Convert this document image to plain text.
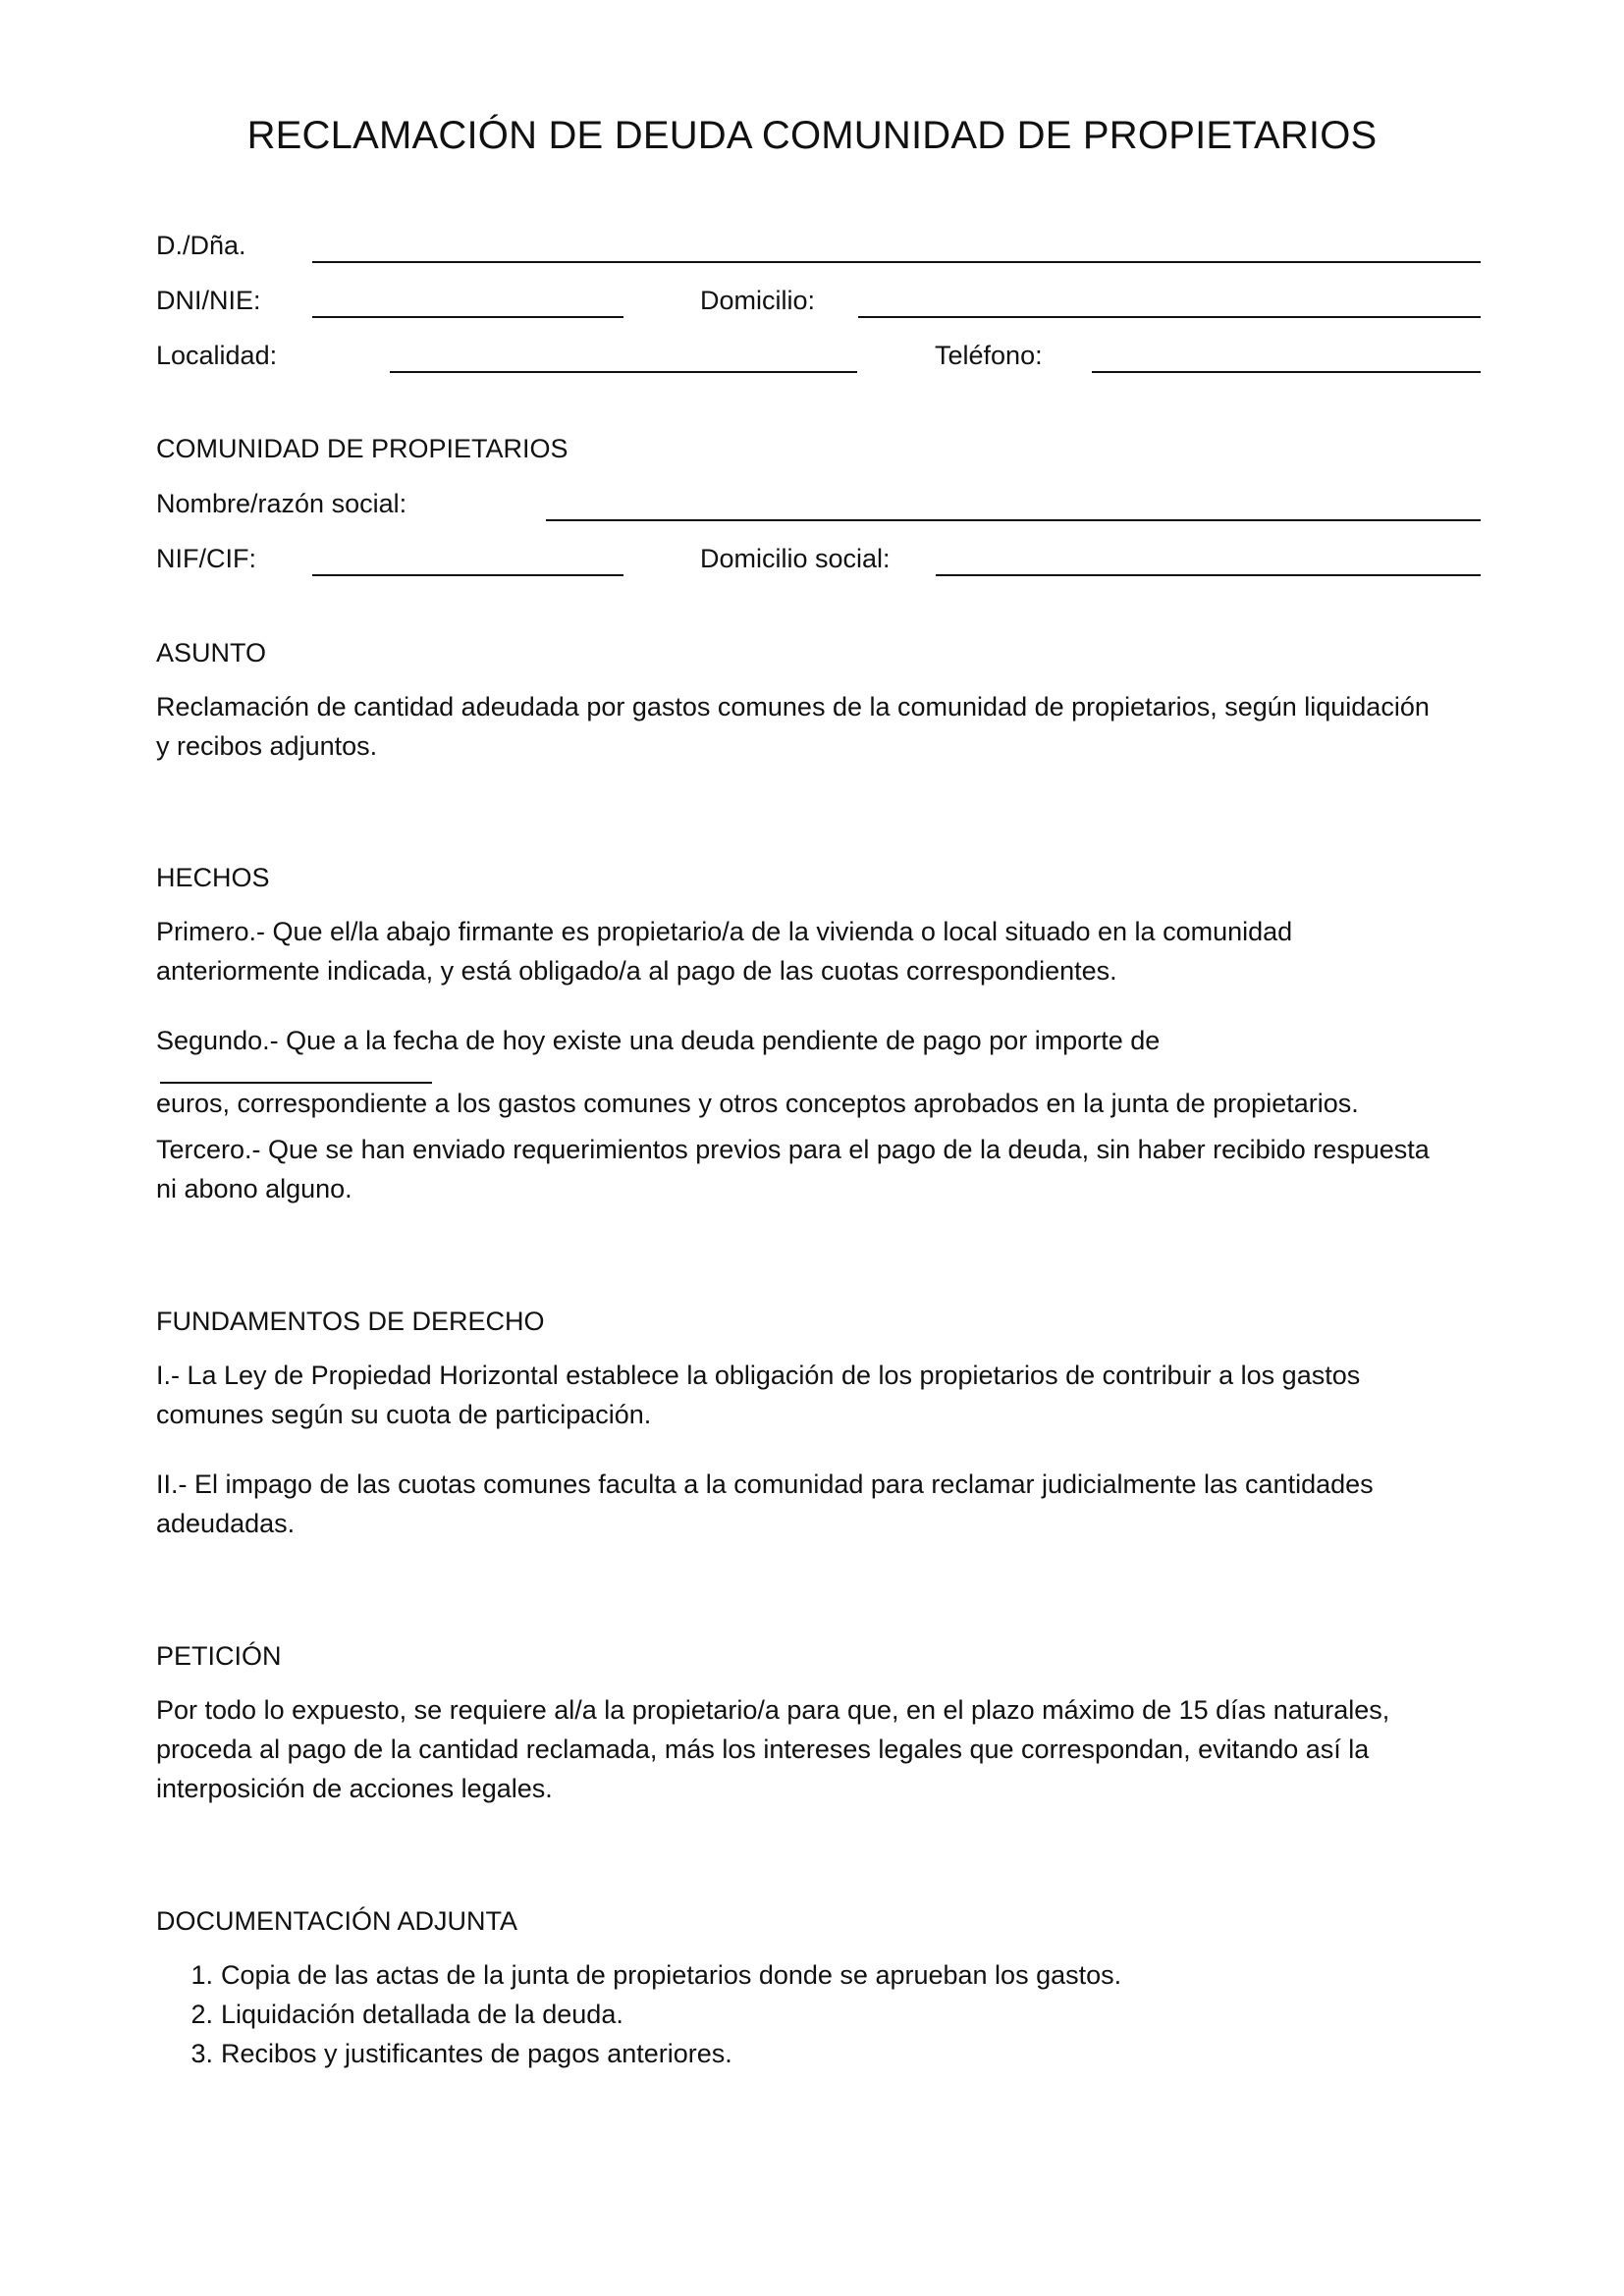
RECLAMACIÓN DE DEUDA COMUNIDAD DE PROPIETARIOS
D./Dña.
DNI/NIE:	Domicilio:
Localidad:	Teléfono:
COMUNIDAD DE PROPIETARIOS
Nombre/razón social:
NIF/CIF:	Domicilio social:
ASUNTO
Reclamación de cantidad adeudada por gastos comunes de la comunidad de propietarios, según liquidación
y recibos adjuntos.
HECHOS
Primero.- Que el/la abajo firmante es propietario/a de la vivienda o local situado en la comunidad
anteriormente indicada, y está obligado/a al pago de las cuotas correspondientes.
Segundo.- Que a la fecha de hoy existe una deuda pendiente de pago por importe de
euros, correspondiente a los gastos comunes y otros conceptos aprobados en la junta de propietarios.
Tercero.- Que se han enviado requerimientos previos para el pago de la deuda, sin haber recibido respuesta
ni abono alguno.
FUNDAMENTOS DE DERECHO
I.- La Ley de Propiedad Horizontal establece la obligación de los propietarios de contribuir a los gastos
comunes según su cuota de participación.
II.- El impago de las cuotas comunes faculta a la comunidad para reclamar judicialmente las cantidades
adeudadas.
PETICIÓN
Por todo lo expuesto, se requiere al/a la propietario/a para que, en el plazo máximo de 15 días naturales,
proceda al pago de la cantidad reclamada, más los intereses legales que correspondan, evitando así la
interposición de acciones legales.
DOCUMENTACIÓN ADJUNTA
1. Copia de las actas de la junta de propietarios donde se aprueban los gastos.
2. Liquidación detallada de la deuda.
3. Recibos y justificantes de pagos anteriores.
